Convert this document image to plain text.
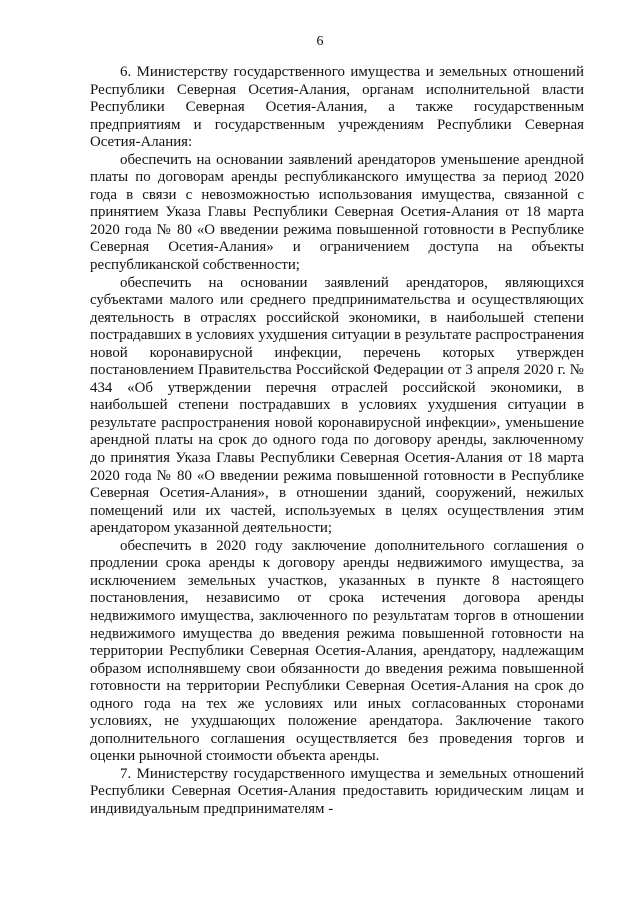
6

6. Министерству государственного имущества и земельных отношений Республики Северная Осетия-Алания, органам исполнительной власти Республики Северная Осетия-Алания, а также государственным предприятиям и государственным учреждениям Республики Северная Осетия-Алания:

обеспечить на основании заявлений арендаторов уменьшение арендной платы по договорам аренды республиканского имущества за период 2020 года в связи с невозможностью использования имущества, связанной с принятием Указа Главы Республики Северная Осетия-Алания от 18 марта 2020 года № 80 «О введении режима повышенной готовности в Республике Северная Осетия-Алания» и ограничением доступа на объекты республиканской собственности;

обеспечить на основании заявлений арендаторов, являющихся субъектами малого или среднего предпринимательства и осуществляющих деятельность в отраслях российской экономики, в наибольшей степени пострадавших в условиях ухудшения ситуации в результате распространения новой коронавирусной инфекции, перечень которых утвержден постановлением Правительства Российской Федерации от 3 апреля 2020 г. № 434 «Об утверждении перечня отраслей российской экономики, в наибольшей степени пострадавших в условиях ухудшения ситуации в результате распространения новой коронавирусной инфекции», уменьшение арендной платы на срок до одного года по договору аренды, заключенному до принятия Указа Главы Республики Северная Осетия-Алания от 18 марта 2020 года № 80 «О введении режима повышенной готовности в Республике Северная Осетия-Алания», в отношении зданий, сооружений, нежилых помещений или их частей, используемых в целях осуществления этим арендатором указанной деятельности;

обеспечить в 2020 году заключение дополнительного соглашения о продлении срока аренды к договору аренды недвижимого имущества, за исключением земельных участков, указанных в пункте 8 настоящего постановления, независимо от срока истечения договора аренды недвижимого имущества, заключенного по результатам торгов в отношении недвижимого имущества до введения режима повышенной готовности на территории Республики Северная Осетия-Алания, арендатору, надлежащим образом исполнявшему свои обязанности до введения режима повышенной готовности на территории Республики Северная Осетия-Алания на срок до одного года на тех же условиях или иных согласованных сторонами условиях, не ухудшающих положение арендатора. Заключение такого дополнительного соглашения осуществляется без проведения торгов и оценки рыночной стоимости объекта аренды.

7. Министерству государственного имущества и земельных отношений Республики Северная Осетия-Алания предоставить юридическим лицам и индивидуальным предпринимателям -
